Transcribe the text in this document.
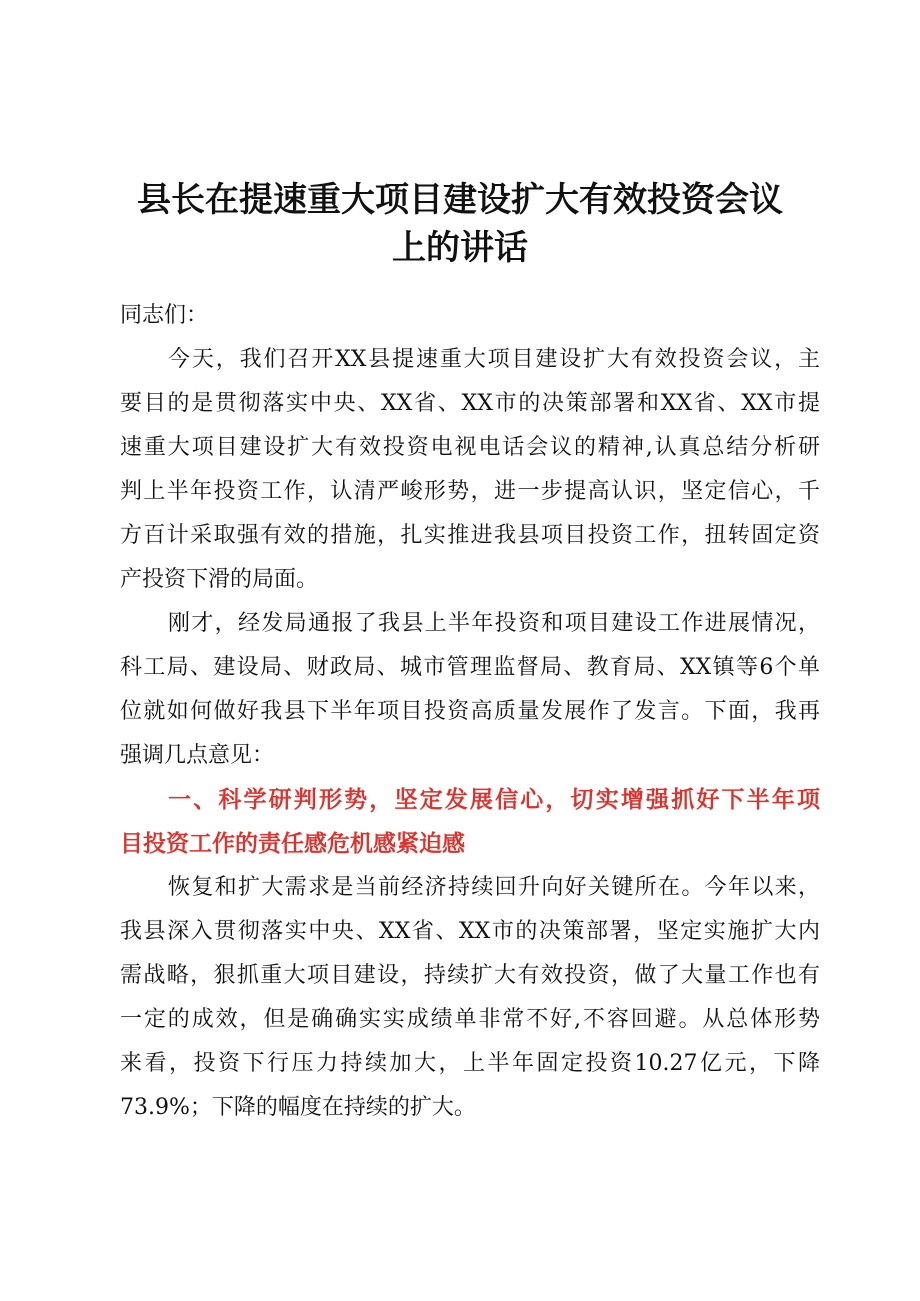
县长在提速重大项目建设扩大有效投资会议
上的讲话
同志们：
今天，我们召开XX县提速重大项目建设扩大有效投资会议，主
要目的是贯彻落实中央、XX省、XX市的决策部署和XX省、XX市提
速重大项目建设扩大有效投资电视电话会议的精神,认真总结分析研
判上半年投资工作，认清严峻形势，进一步提高认识，坚定信心，千
方百计采取强有效的措施，扎实推进我县项目投资工作，扭转固定资
产投资下滑的局面。
刚才，经发局通报了我县上半年投资和项目建设工作进展情况，
科工局、建设局、财政局、城市管理监督局、教育局、XX镇等6个单
位就如何做好我县下半年项目投资高质量发展作了发言。下面，我再
强调几点意见：
一、科学研判形势，坚定发展信心，切实增强抓好下半年项
目投资工作的责任感危机感紧迫感
恢复和扩大需求是当前经济持续回升向好关键所在。今年以来，
我县深入贯彻落实中央、XX省、XX市的决策部署，坚定实施扩大内
需战略，狠抓重大项目建设，持续扩大有效投资，做了大量工作也有
一定的成效，但是确确实实成绩单非常不好,不容回避。从总体形势
来看，投资下行压力持续加大，上半年固定投资10.27亿元，下降
73.9%；下降的幅度在持续的扩大。
